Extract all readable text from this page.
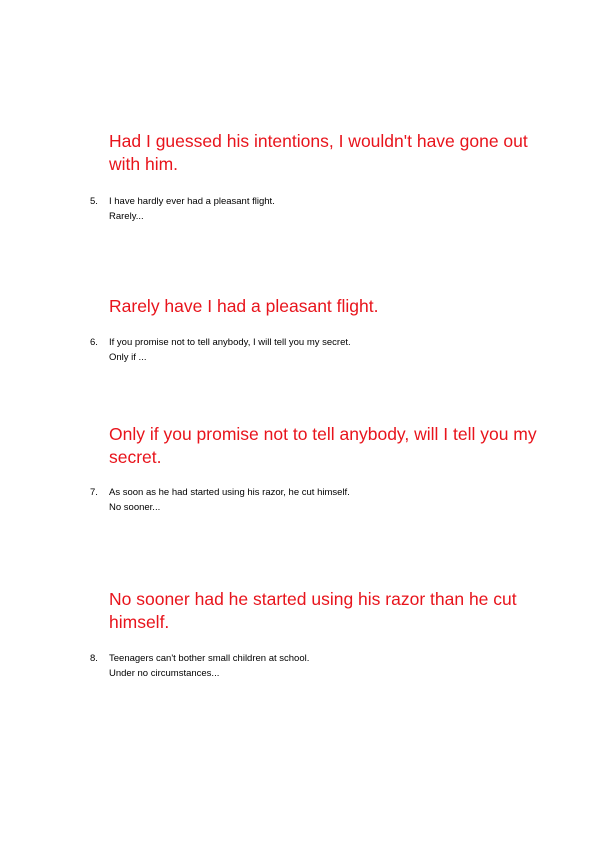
Had I guessed his intentions, I wouldn't have gone out with him.

5.	I have hardly ever had a pleasant flight.
Rarely...

Rarely have I had a pleasant flight.

6.	If you promise not to tell anybody, I will tell you my secret.
Only if ...

Only if you promise not to tell anybody, will I tell you my secret.

7.	As soon as he had started using his razor, he cut himself.
No sooner...

No sooner had he started using his razor than he cut himself.

8.	Teenagers can't bother small children at school.
Under no circumstances...
